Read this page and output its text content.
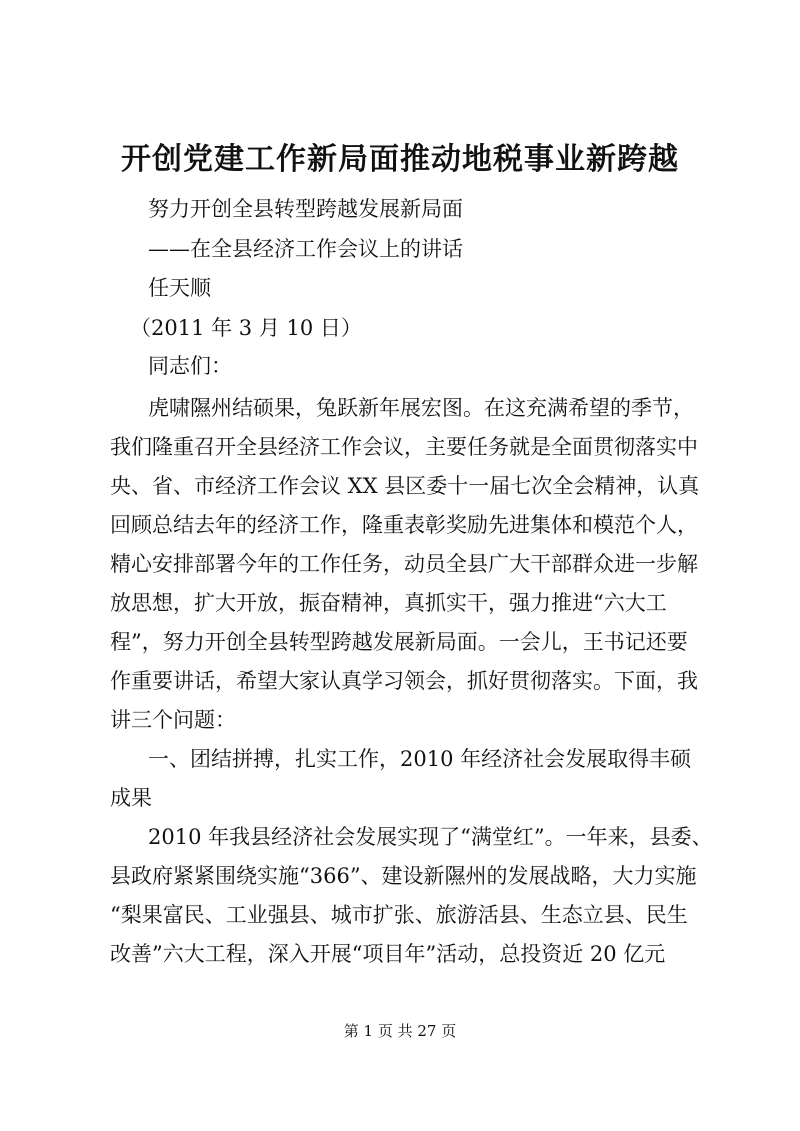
开创党建工作新局面推动地税事业新跨越
努力开创全县转型跨越发展新局面
——在全县经济工作会议上的讲话
任天顺
（2011 年 3 月 10 日）
同志们：
虎啸隰州结硕果，兔跃新年展宏图。在这充满希望的季节，
我们隆重召开全县经济工作会议，主要任务就是全面贯彻落实中
央、省、市经济工作会议 XX 县区委十一届七次全会精神，认真
回顾总结去年的经济工作，隆重表彰奖励先进集体和模范个人，
精心安排部署今年的工作任务，动员全县广大干部群众进一步解
放思想，扩大开放，振奋精神，真抓实干，强力推进“六大工
程”，努力开创全县转型跨越发展新局面。一会儿，王书记还要
作重要讲话，希望大家认真学习领会，抓好贯彻落实。下面，我
讲三个问题：
一、团结拼搏，扎实工作，2010 年经济社会发展取得丰硕
成果
2010 年我县经济社会发展实现了“满堂红”。一年来，县委、
县政府紧紧围绕实施“366”、建设新隰州的发展战略，大力实施
“梨果富民、工业强县、城市扩张、旅游活县、生态立县、民生
改善”六大工程，深入开展“项目年”活动，总投资近 20 亿元
第 1 页 共 27 页
